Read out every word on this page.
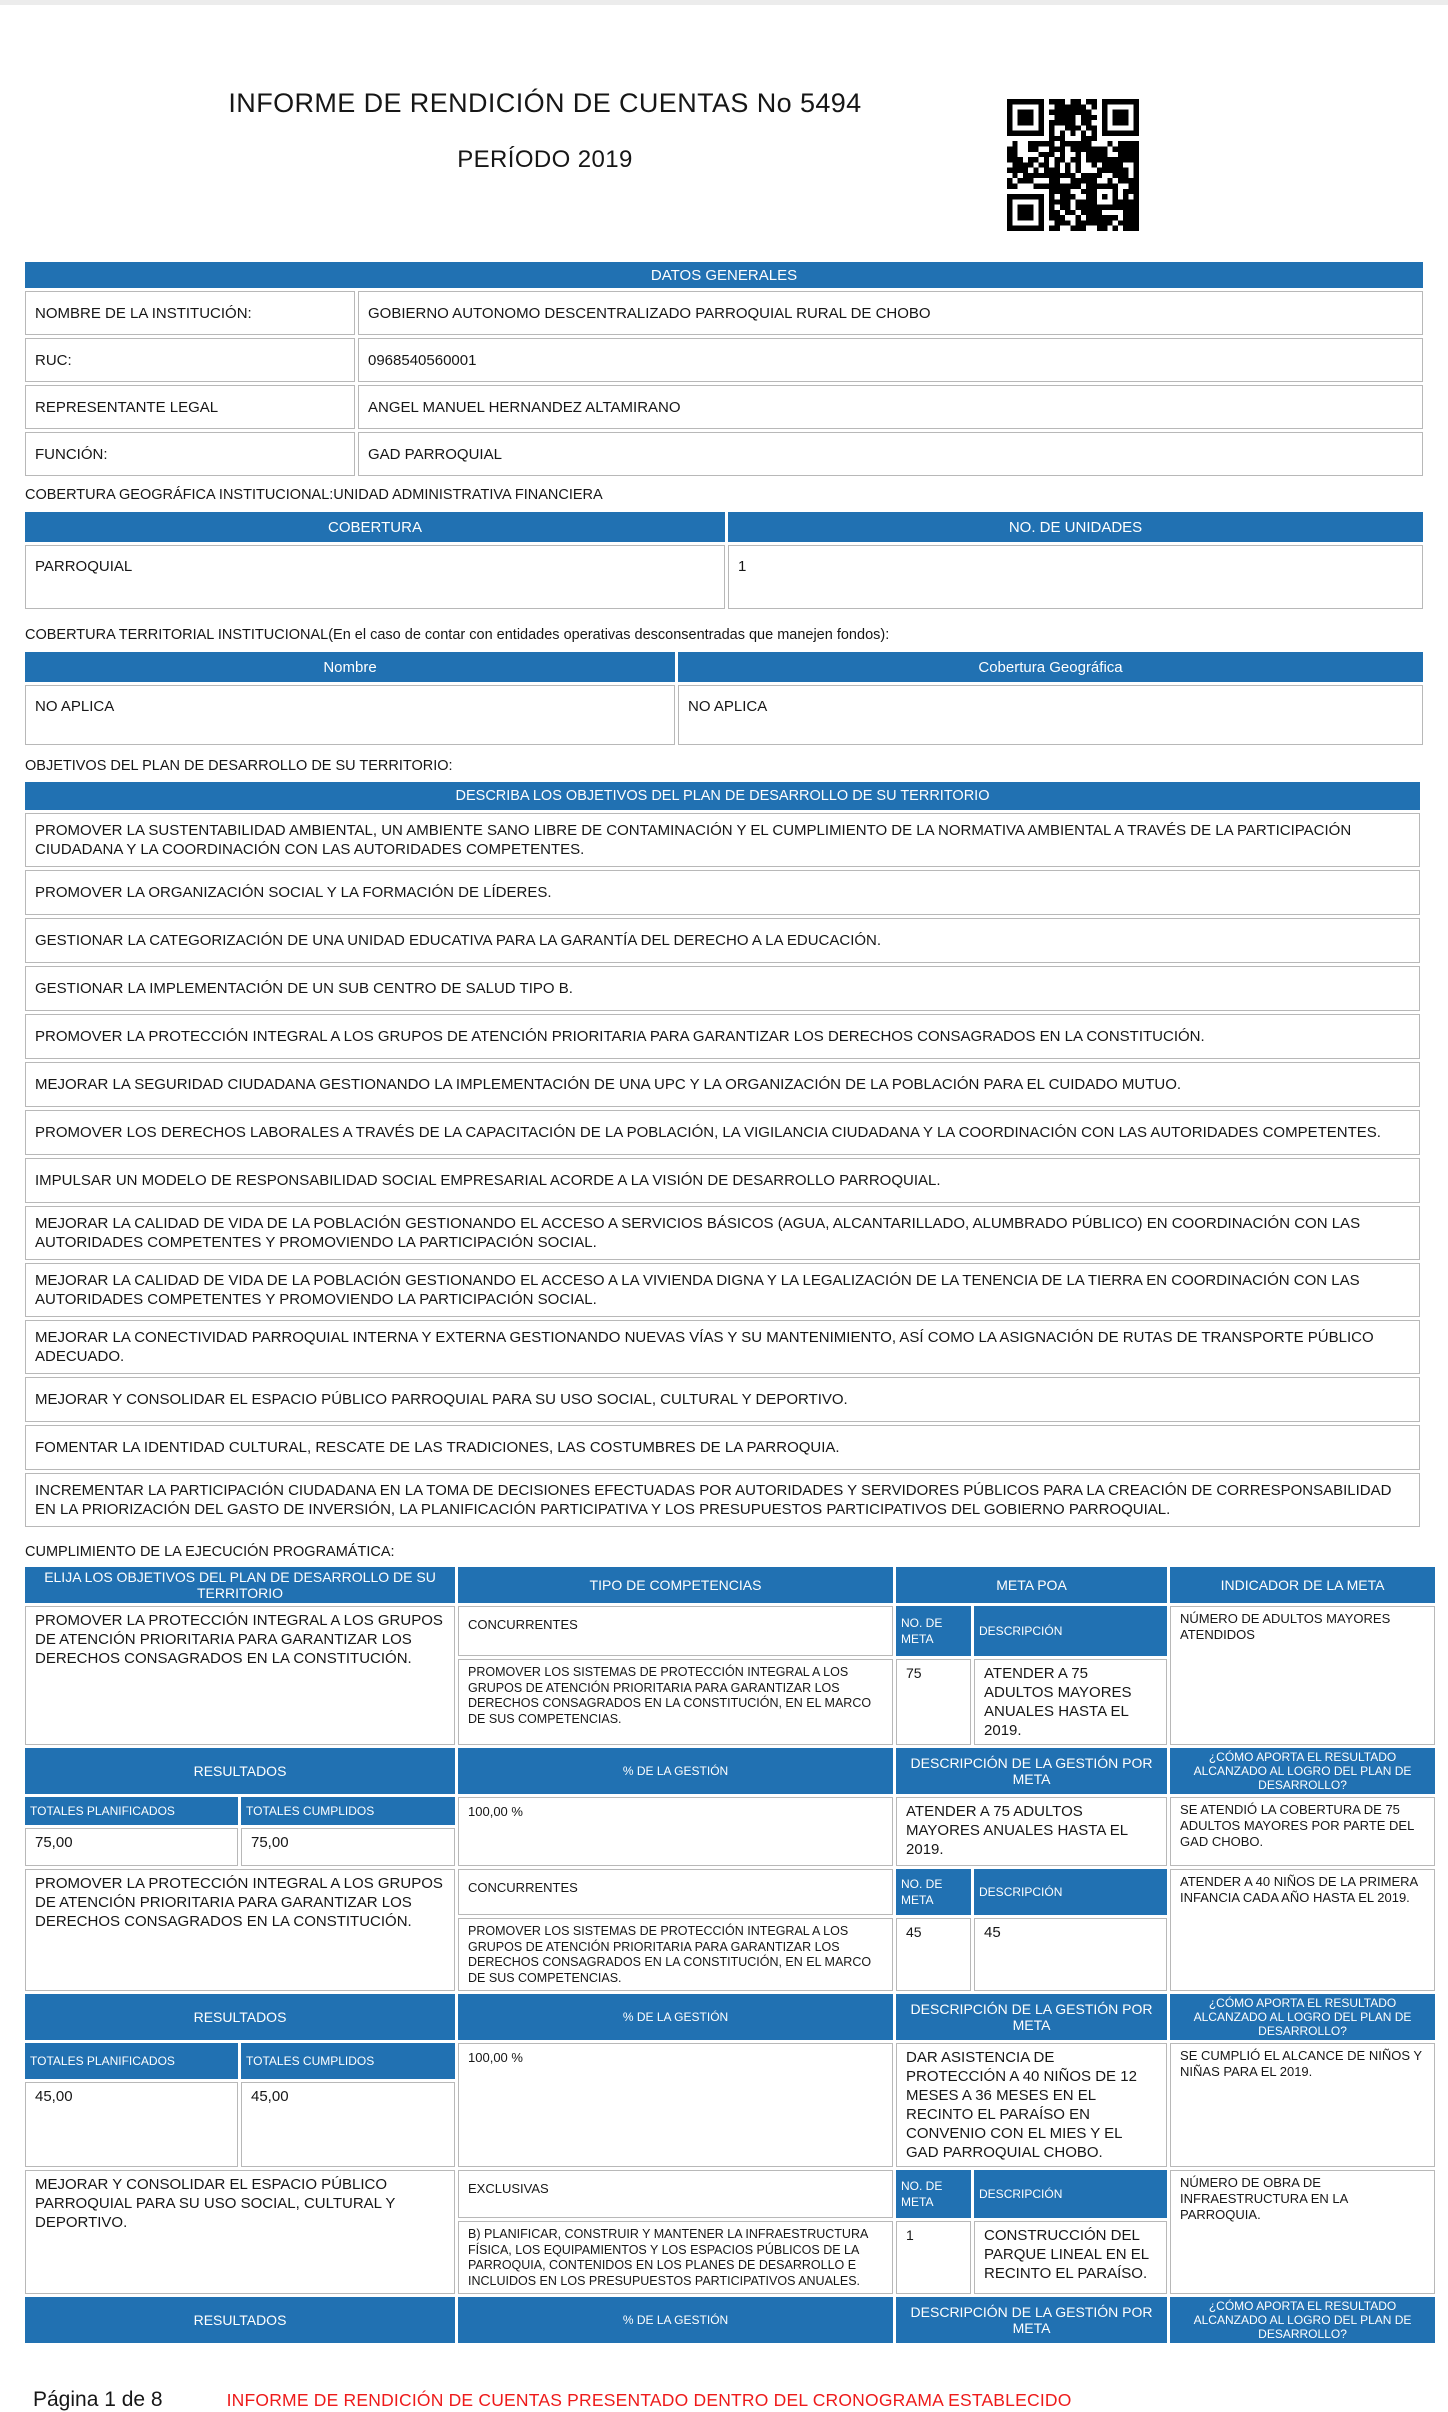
INFORME DE RENDICIÓN DE CUENTAS No 5494
PERÍODO 2019
DATOS GENERALES	
NOMBRE DE LA INSTITUCIÓN:	GOBIERNO AUTONOMO DESCENTRALIZADO PARROQUIAL RURAL DE CHOBO
RUC:	0968540560001
REPRESENTANTE LEGAL	ANGEL MANUEL HERNANDEZ ALTAMIRANO
FUNCIÓN:	GAD PARROQUIAL
COBERTURA GEOGRÁFICA INSTITUCIONAL:UNIDAD ADMINISTRATIVA FINANCIERA
COBERTURA	NO. DE UNIDADES
PARROQUIAL	1
COBERTURA TERRITORIAL INSTITUCIONAL(En el caso de contar con entidades operativas desconsentradas que manejen fondos):
Nombre	Cobertura Geográfica
NO APLICA	NO APLICA
OBJETIVOS DEL PLAN DE DESARROLLO DE SU TERRITORIO:
DESCRIBA LOS OBJETIVOS DEL PLAN DE DESARROLLO DE SU TERRITORIO
PROMOVER LA SUSTENTABILIDAD AMBIENTAL, UN AMBIENTE SANO LIBRE DE CONTAMINACIÓN Y EL CUMPLIMIENTO DE LA NORMATIVA AMBIENTAL A TRAVÉS DE LA PARTICIPACIÓN CIUDADANA Y LA COORDINACIÓN CON LAS AUTORIDADES COMPETENTES.
PROMOVER LA ORGANIZACIÓN SOCIAL Y LA FORMACIÓN DE LÍDERES.
GESTIONAR LA CATEGORIZACIÓN DE UNA UNIDAD EDUCATIVA PARA LA GARANTÍA DEL DERECHO A LA EDUCACIÓN.
GESTIONAR LA IMPLEMENTACIÓN DE UN SUB CENTRO DE SALUD TIPO B.
PROMOVER LA PROTECCIÓN INTEGRAL A LOS GRUPOS DE ATENCIÓN PRIORITARIA PARA GARANTIZAR LOS DERECHOS CONSAGRADOS EN LA CONSTITUCIÓN.
MEJORAR LA SEGURIDAD CIUDADANA GESTIONANDO LA IMPLEMENTACIÓN DE UNA UPC Y LA ORGANIZACIÓN DE LA POBLACIÓN PARA EL CUIDADO MUTUO.
PROMOVER LOS DERECHOS LABORALES A TRAVÉS DE LA CAPACITACIÓN DE LA POBLACIÓN, LA VIGILANCIA CIUDADANA Y LA COORDINACIÓN CON LAS AUTORIDADES COMPETENTES.
IMPULSAR UN MODELO DE RESPONSABILIDAD SOCIAL EMPRESARIAL ACORDE A LA VISIÓN DE DESARROLLO PARROQUIAL.
MEJORAR LA CALIDAD DE VIDA DE LA POBLACIÓN GESTIONANDO EL ACCESO A SERVICIOS BÁSICOS (AGUA, ALCANTARILLADO, ALUMBRADO PÚBLICO) EN COORDINACIÓN CON LAS AUTORIDADES COMPETENTES Y PROMOVIENDO LA PARTICIPACIÓN SOCIAL.
MEJORAR LA CALIDAD DE VIDA DE LA POBLACIÓN GESTIONANDO EL ACCESO A LA VIVIENDA DIGNA Y LA LEGALIZACIÓN DE LA TENENCIA DE LA TIERRA EN COORDINACIÓN CON LAS AUTORIDADES COMPETENTES Y PROMOVIENDO LA PARTICIPACIÓN SOCIAL.
MEJORAR LA CONECTIVIDAD PARROQUIAL INTERNA Y EXTERNA GESTIONANDO NUEVAS VÍAS Y SU MANTENIMIENTO, ASÍ COMO LA ASIGNACIÓN DE RUTAS DE TRANSPORTE PÚBLICO ADECUADO.
MEJORAR Y CONSOLIDAR EL ESPACIO PÚBLICO PARROQUIAL PARA SU USO SOCIAL, CULTURAL Y DEPORTIVO.
FOMENTAR LA IDENTIDAD CULTURAL, RESCATE DE LAS TRADICIONES, LAS COSTUMBRES DE LA PARROQUIA.
INCREMENTAR LA PARTICIPACIÓN CIUDADANA EN LA TOMA DE DECISIONES EFECTUADAS POR AUTORIDADES Y SERVIDORES PÚBLICOS PARA LA CREACIÓN DE CORRESPONSABILIDAD EN LA PRIORIZACIÓN DEL GASTO DE INVERSIÓN, LA PLANIFICACIÓN PARTICIPATIVA Y LOS PRESUPUESTOS PARTICIPATIVOS DEL GOBIERNO PARROQUIAL.
CUMPLIMIENTO DE LA EJECUCIÓN PROGRAMÁTICA:
ELIJA LOS OBJETIVOS DEL PLAN DE DESARROLLO DE SU TERRITORIO		TIPO DE COMPETENCIAS	META POA		INDICADOR DE LA META
PROMOVER LA PROTECCIÓN INTEGRAL A LOS GRUPOS DE ATENCIÓN PRIORITARIA PARA GARANTIZAR LOS DERECHOS CONSAGRADOS EN LA CONSTITUCIÓN.		CONCURRENTES	NO. DE META	DESCRIPCIÓN	NÚMERO DE ADULTOS MAYORES ATENDIDOS
		PROMOVER LOS SISTEMAS DE PROTECCIÓN INTEGRAL A LOS GRUPOS DE ATENCIÓN PRIORITARIA PARA GARANTIZAR LOS DERECHOS CONSAGRADOS EN LA CONSTITUCIÓN, EN EL MARCO DE SUS COMPETENCIAS.	75	ATENDER A 75 ADULTOS MAYORES ANUALES HASTA EL 2019.	
RESULTADOS		% DE LA GESTIÓN	DESCRIPCIÓN DE LA GESTIÓN POR META		¿CÓMO APORTA EL RESULTADO ALCANZADO AL LOGRO DEL PLAN DE DESARROLLO?
TOTALES PLANIFICADOS	TOTALES CUMPLIDOS	100,00 %	ATENDER A 75 ADULTOS MAYORES ANUALES HASTA EL 2019.		SE ATENDIÓ LA COBERTURA DE 75 ADULTOS MAYORES POR PARTE DEL GAD CHOBO.
75,00	75,00				
PROMOVER LA PROTECCIÓN INTEGRAL A LOS GRUPOS DE ATENCIÓN PRIORITARIA PARA GARANTIZAR LOS DERECHOS CONSAGRADOS EN LA CONSTITUCIÓN.		CONCURRENTES	NO. DE META	DESCRIPCIÓN	ATENDER A 40 NIÑOS DE LA PRIMERA INFANCIA CADA AÑO HASTA EL 2019.
		PROMOVER LOS SISTEMAS DE PROTECCIÓN INTEGRAL A LOS GRUPOS DE ATENCIÓN PRIORITARIA PARA GARANTIZAR LOS DERECHOS CONSAGRADOS EN LA CONSTITUCIÓN, EN EL MARCO DE SUS COMPETENCIAS.	45	45	
RESULTADOS		% DE LA GESTIÓN	DESCRIPCIÓN DE LA GESTIÓN POR META		¿CÓMO APORTA EL RESULTADO ALCANZADO AL LOGRO DEL PLAN DE DESARROLLO?
TOTALES PLANIFICADOS	TOTALES CUMPLIDOS	100,00 %	DAR ASISTENCIA DE PROTECCIÓN A 40 NIÑOS DE 12 MESES A 36 MESES EN EL RECINTO EL PARAÍSO EN CONVENIO CON EL MIES Y EL GAD PARROQUIAL CHOBO.		SE CUMPLIÓ EL ALCANCE DE NIÑOS Y NIÑAS PARA EL 2019.
45,00	45,00				
MEJORAR Y CONSOLIDAR EL ESPACIO PÚBLICO PARROQUIAL PARA SU USO SOCIAL, CULTURAL Y DEPORTIVO.		EXCLUSIVAS	NO. DE META	DESCRIPCIÓN	NÚMERO DE OBRA DE INFRAESTRUCTURA EN LA PARROQUIA.
		B) PLANIFICAR, CONSTRUIR Y MANTENER LA INFRAESTRUCTURA FÍSICA, LOS EQUIPAMIENTOS Y LOS ESPACIOS PÚBLICOS DE LA PARROQUIA, CONTENIDOS EN LOS PLANES DE DESARROLLO E INCLUIDOS EN LOS PRESUPUESTOS PARTICIPATIVOS ANUALES.	1	CONSTRUCCIÓN DEL PARQUE LINEAL EN EL RECINTO EL PARAÍSO.	
RESULTADOS		% DE LA GESTIÓN	DESCRIPCIÓN DE LA GESTIÓN POR META		¿CÓMO APORTA EL RESULTADO ALCANZADO AL LOGRO DEL PLAN DE DESARROLLO?
Página 1 de 8	INFORME DE RENDICIÓN DE CUENTAS PRESENTADO DENTRO DEL CRONOGRAMA ESTABLECIDO
